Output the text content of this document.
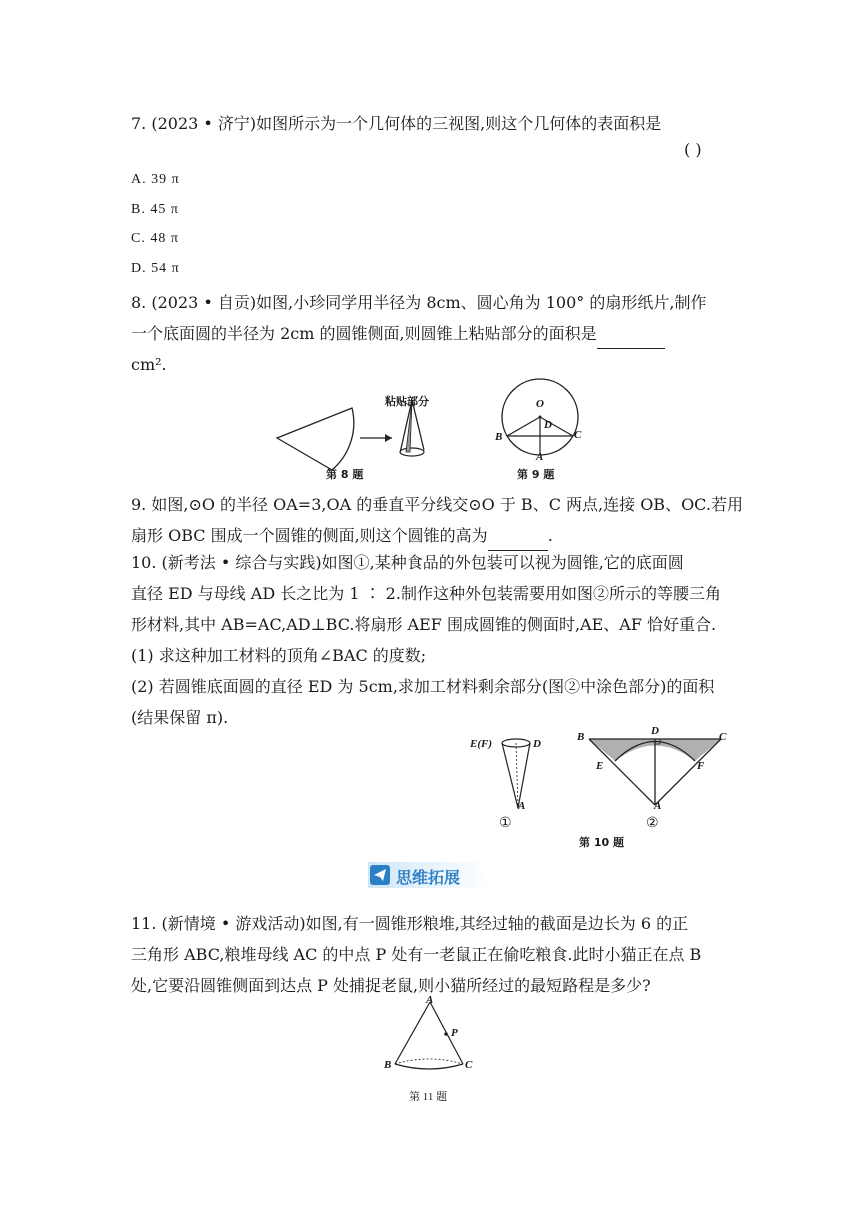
7. (2023 • 济宁)如图所示为一个几何体的三视图,则这个几何体的表面积是
( )
A. 39 π
B. 45 π
C. 48 π
D. 54 π
8. (2023 • 自贡)如图,小珍同学用半径为 8cm、圆心角为 100° 的扇形纸片,制作
一个底面圆的半径为 2cm 的圆锥侧面,则圆锥上粘贴部分的面积是
cm².
粘贴部分
第 8 题
O
D
B	C
A
第 9 题
9. 如图,⊙O 的半径 OA=3,OA 的垂直平分线交⊙O 于 B、C 两点,连接 OB、OC.若用
扇形 OBC 围成一个圆锥的侧面,则这个圆锥的高为	.
10. (新考法 • 综合与实践)如图①,某种食品的外包装可以视为圆锥,它的底面圆
直径 ED 与母线 AD 长之比为 1 ∶ 2.制作这种外包装需要用如图②所示的等腰三角
形材料,其中 AB=AC,AD⊥BC.将扇形 AEF 围成圆锥的侧面时,AE、AF 恰好重合.
(1) 求这种加工材料的顶角∠BAC 的度数;
(2) 若圆锥底面圆的直径 ED 为 5cm,求加工材料剩余部分(图②中涂色部分)的面积
(结果保留 π).
E(F)	D
A
①
B	D	C
E	F
A
②
第 10 题
思维拓展
11. (新情境 • 游戏活动)如图,有一圆锥形粮堆,其经过轴的截面是边长为 6 的正
三角形 ABC,粮堆母线 AC 的中点 P 处有一老鼠正在偷吃粮食.此时小猫正在点 B
处,它要沿圆锥侧面到达点 P 处捕捉老鼠,则小猫所经过的最短路程是多少?
A
P
B	C
第 11 题
